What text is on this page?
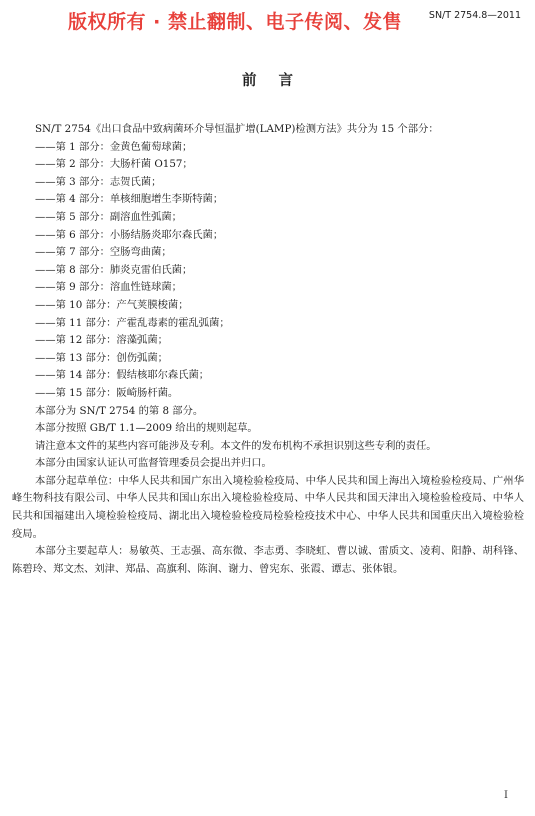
版权所有 · 禁止翻制、电子传阅、发售	SN/T 2754.8—2011
前言

SN/T 2754《出口食品中致病菌环介导恒温扩增(LAMP)检测方法》共分为 15 个部分：

——第 1 部分：金黄色葡萄球菌；

——第 2 部分：大肠杆菌 O157；

——第 3 部分：志贺氏菌；

——第 4 部分：单核细胞增生李斯特菌；

——第 5 部分：副溶血性弧菌；

——第 6 部分：小肠结肠炎耶尔森氏菌；

——第 7 部分：空肠弯曲菌；

——第 8 部分：肺炎克雷伯氏菌；

——第 9 部分：溶血性链球菌；

——第 10 部分：产气荚膜梭菌；

——第 11 部分：产霍乱毒素的霍乱弧菌；

——第 12 部分：溶藻弧菌；

——第 13 部分：创伤弧菌；

——第 14 部分：假结核耶尔森氏菌；

——第 15 部分：阪崎肠杆菌。

本部分为 SN/T 2754 的第 8 部分。

本部分按照 GB/T 1.1—2009 给出的规则起草。

请注意本文件的某些内容可能涉及专利。本文件的发布机构不承担识别这些专利的责任。

本部分由国家认证认可监督管理委员会提出并归口。

本部分起草单位：中华人民共和国广东出入境检验检疫局、中华人民共和国上海出入境检验检疫局、广州华峰生物科技有限公司、中华人民共和国山东出入境检验检疫局、中华人民共和国天津出入境检验检疫局、中华人民共和国福建出入境检验检疫局、湖北出入境检验检疫局检验检疫技术中心、中华人民共和国重庆出入境检验检疫局。

本部分主要起草人：易敏英、王志强、高东微、李志勇、李晓虹、曹以诚、雷质文、凌莉、阳静、胡科锋、陈碧玲、郑文杰、刘津、郑晶、高旗利、陈润、谢力、曾宪东、张霞、谭志、张体银。

I
